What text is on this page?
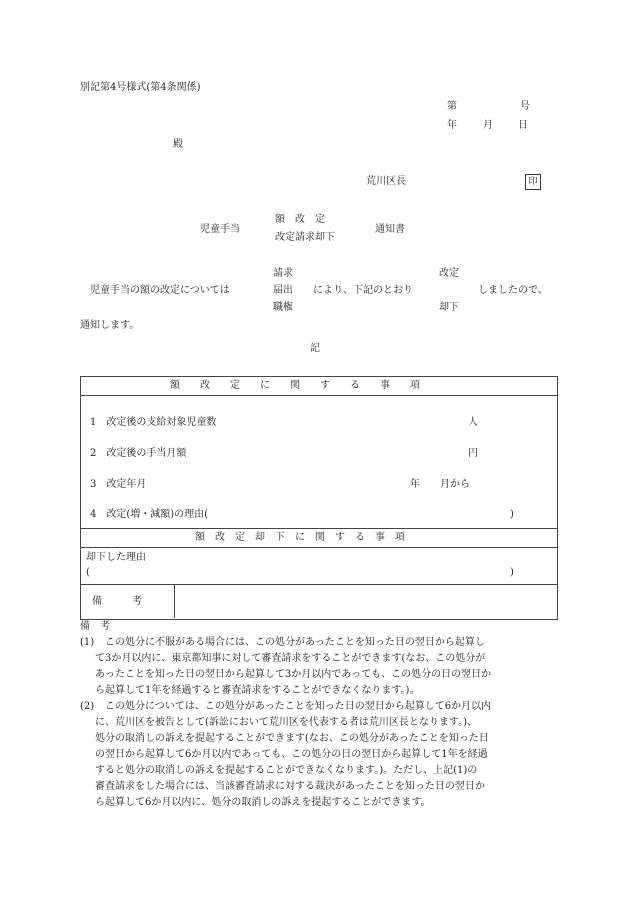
別記第4号様式(第4条関係)
第	号
年	月	日
殿
荒川区長	印
児童手当
額　改　定
改定請求却下
通知書
児童手当の額の改定については
請求
届出
職権
により、下記のとおり
改定
却下
しましたので、
通知します。
記
額　　改　　定　　に　　関　　す　　る　　事　　項
1　改定後の支給対象児童数	人
2　改定後の手当月額	円
3　改定年月	年　　月から
4　改定(増・減額)の理由(	)
額　改　定　却　下　に　関　す　る　事　項
却下した理由
(	)
備　　　考
備　考
(1) 　この処分に不服がある場合には、この処分があったことを知った日の翌日から起算し
て3か月以内に、東京都知事に対して審査請求をすることができます(なお、この処分が
あったことを知った日の翌日から起算して3か月以内であっても、この処分の日の翌日か
ら起算して1年を経過すると審査請求をすることができなくなります。)。
(2) 　この処分については、この処分があったことを知った日の翌日から起算して6か月以内
に、荒川区を被告として(訴訟において荒川区を代表する者は荒川区長となります。)、
処分の取消しの訴えを提起することができます(なお、この処分があったことを知った日
の翌日から起算して6か月以内であっても、この処分の日の翌日から起算して1年を経過
すると処分の取消しの訴えを提起することができなくなります。)。ただし、上記(1)の
審査請求をした場合には、当該審査請求に対する裁決があったことを知った日の翌日か
ら起算して6か月以内に、処分の取消しの訴えを提起することができます。
